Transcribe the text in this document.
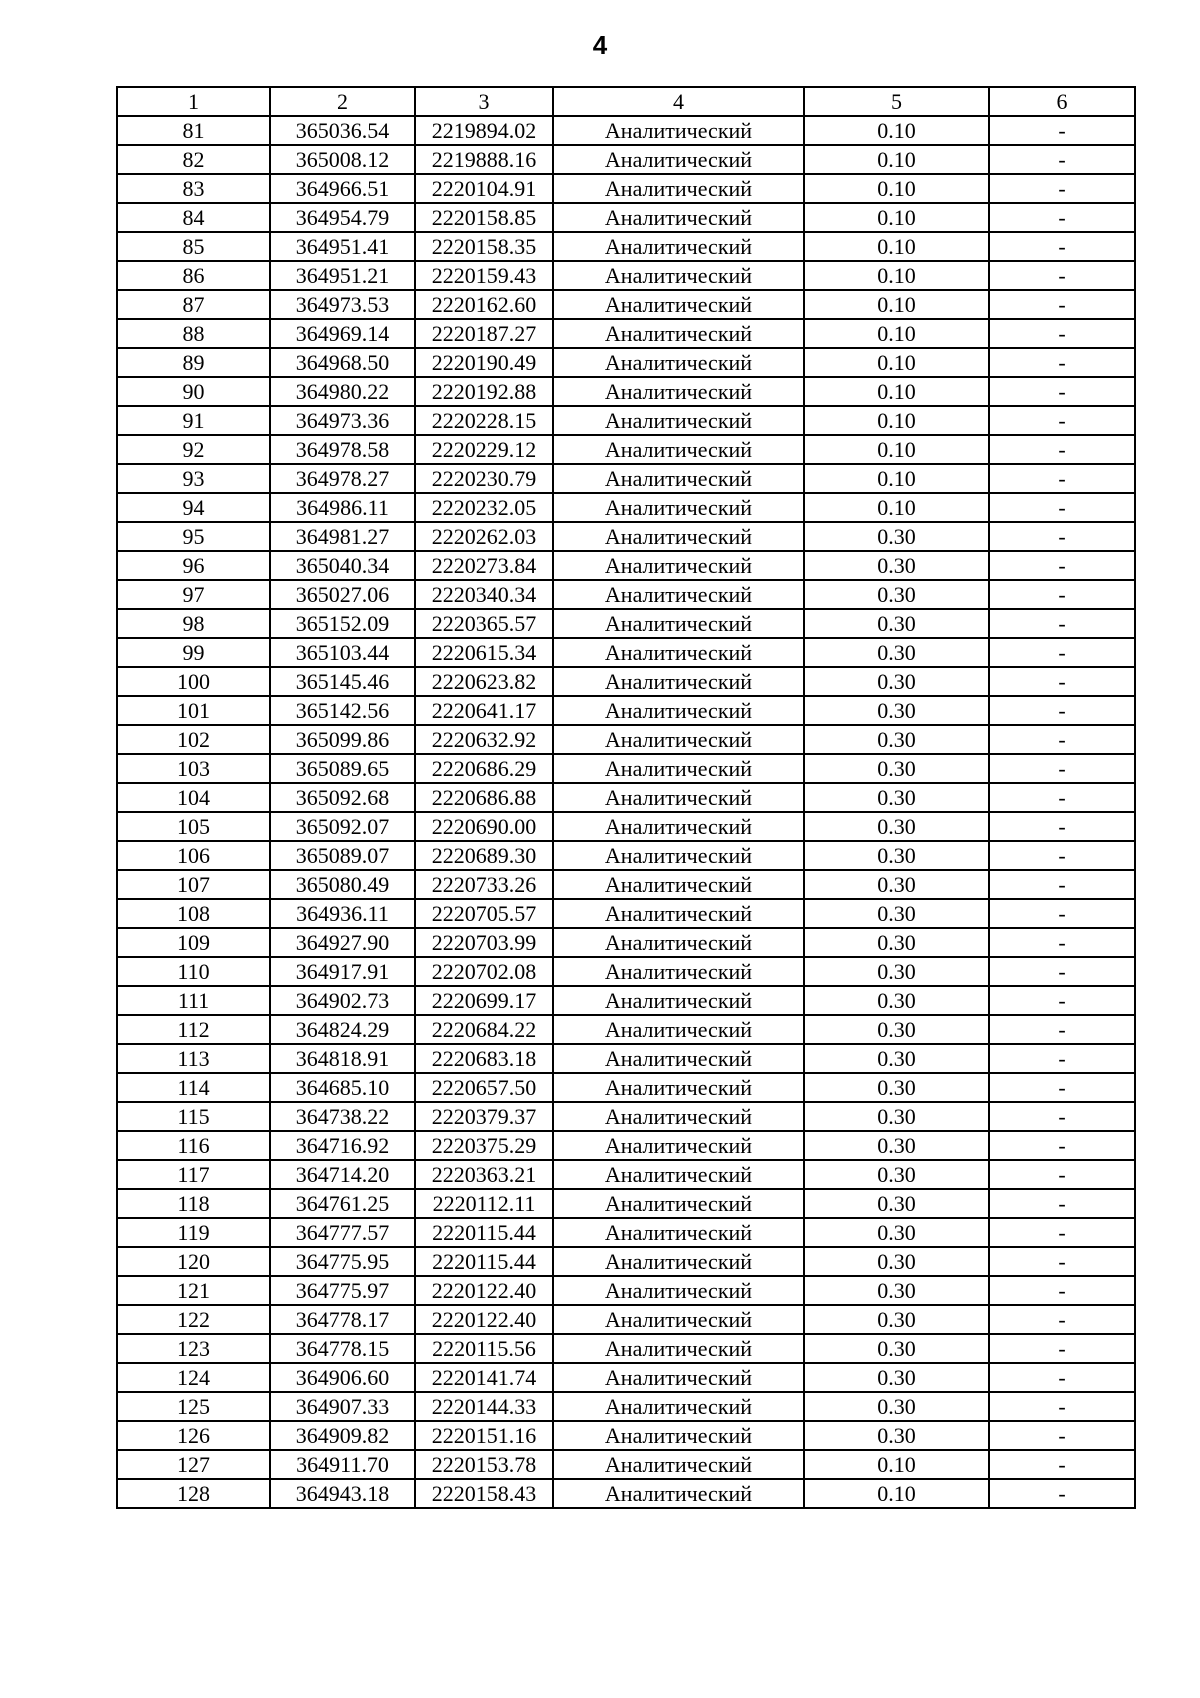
4
1	2	3	4	5	6
81	365036.54	2219894.02	Аналитический	0.10	-
82	365008.12	2219888.16	Аналитический	0.10	-
83	364966.51	2220104.91	Аналитический	0.10	-
84	364954.79	2220158.85	Аналитический	0.10	-
85	364951.41	2220158.35	Аналитический	0.10	-
86	364951.21	2220159.43	Аналитический	0.10	-
87	364973.53	2220162.60	Аналитический	0.10	-
88	364969.14	2220187.27	Аналитический	0.10	-
89	364968.50	2220190.49	Аналитический	0.10	-
90	364980.22	2220192.88	Аналитический	0.10	-
91	364973.36	2220228.15	Аналитический	0.10	-
92	364978.58	2220229.12	Аналитический	0.10	-
93	364978.27	2220230.79	Аналитический	0.10	-
94	364986.11	2220232.05	Аналитический	0.10	-
95	364981.27	2220262.03	Аналитический	0.30	-
96	365040.34	2220273.84	Аналитический	0.30	-
97	365027.06	2220340.34	Аналитический	0.30	-
98	365152.09	2220365.57	Аналитический	0.30	-
99	365103.44	2220615.34	Аналитический	0.30	-
100	365145.46	2220623.82	Аналитический	0.30	-
101	365142.56	2220641.17	Аналитический	0.30	-
102	365099.86	2220632.92	Аналитический	0.30	-
103	365089.65	2220686.29	Аналитический	0.30	-
104	365092.68	2220686.88	Аналитический	0.30	-
105	365092.07	2220690.00	Аналитический	0.30	-
106	365089.07	2220689.30	Аналитический	0.30	-
107	365080.49	2220733.26	Аналитический	0.30	-
108	364936.11	2220705.57	Аналитический	0.30	-
109	364927.90	2220703.99	Аналитический	0.30	-
110	364917.91	2220702.08	Аналитический	0.30	-
111	364902.73	2220699.17	Аналитический	0.30	-
112	364824.29	2220684.22	Аналитический	0.30	-
113	364818.91	2220683.18	Аналитический	0.30	-
114	364685.10	2220657.50	Аналитический	0.30	-
115	364738.22	2220379.37	Аналитический	0.30	-
116	364716.92	2220375.29	Аналитический	0.30	-
117	364714.20	2220363.21	Аналитический	0.30	-
118	364761.25	2220112.11	Аналитический	0.30	-
119	364777.57	2220115.44	Аналитический	0.30	-
120	364775.95	2220115.44	Аналитический	0.30	-
121	364775.97	2220122.40	Аналитический	0.30	-
122	364778.17	2220122.40	Аналитический	0.30	-
123	364778.15	2220115.56	Аналитический	0.30	-
124	364906.60	2220141.74	Аналитический	0.30	-
125	364907.33	2220144.33	Аналитический	0.30	-
126	364909.82	2220151.16	Аналитический	0.30	-
127	364911.70	2220153.78	Аналитический	0.10	-
128	364943.18	2220158.43	Аналитический	0.10	-
